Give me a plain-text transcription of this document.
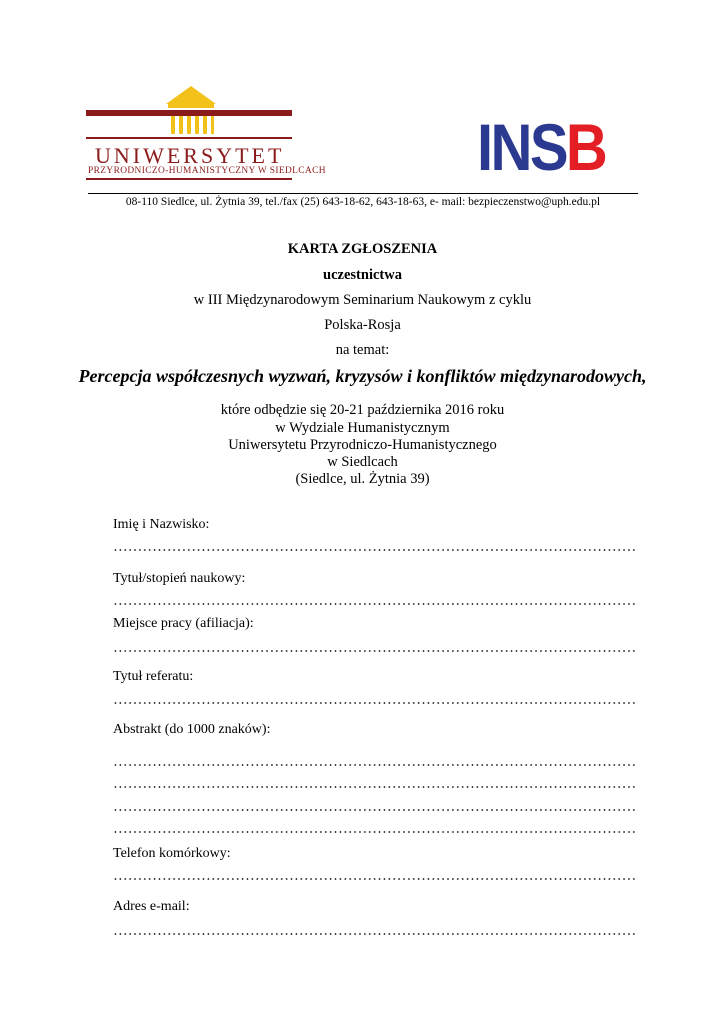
UNIWERSYTET
PRZYRODNICZO-HUMANISTYCZNY W SIEDLCACH INSB
08-110 Siedlce, ul. Żytnia 39, tel./fax (25) 643-18-62, 643-18-63, e- mail: bezpieczenstwo@uph.edu.pl
KARTA ZGŁOSZENIA
uczestnictwa
w III Międzynarodowym Seminarium Naukowym z cyklu
Polska-Rosja
na temat:
Percepcja współczesnych wyzwań, kryzysów i konfliktów międzynarodowych,
które odbędzie się 20-21 października 2016 roku
w Wydziale Humanistycznym
Uniwersytetu Przyrodniczo-Humanistycznego
w Siedlcach
(Siedlce, ul. Żytnia 39)
Imię i Nazwisko:
Tytuł/stopień naukowy:
Miejsce pracy (afiliacja):
Tytuł referatu:
Abstrakt (do 1000 znaków):
Telefon komórkowy:
Adres e-mail:
